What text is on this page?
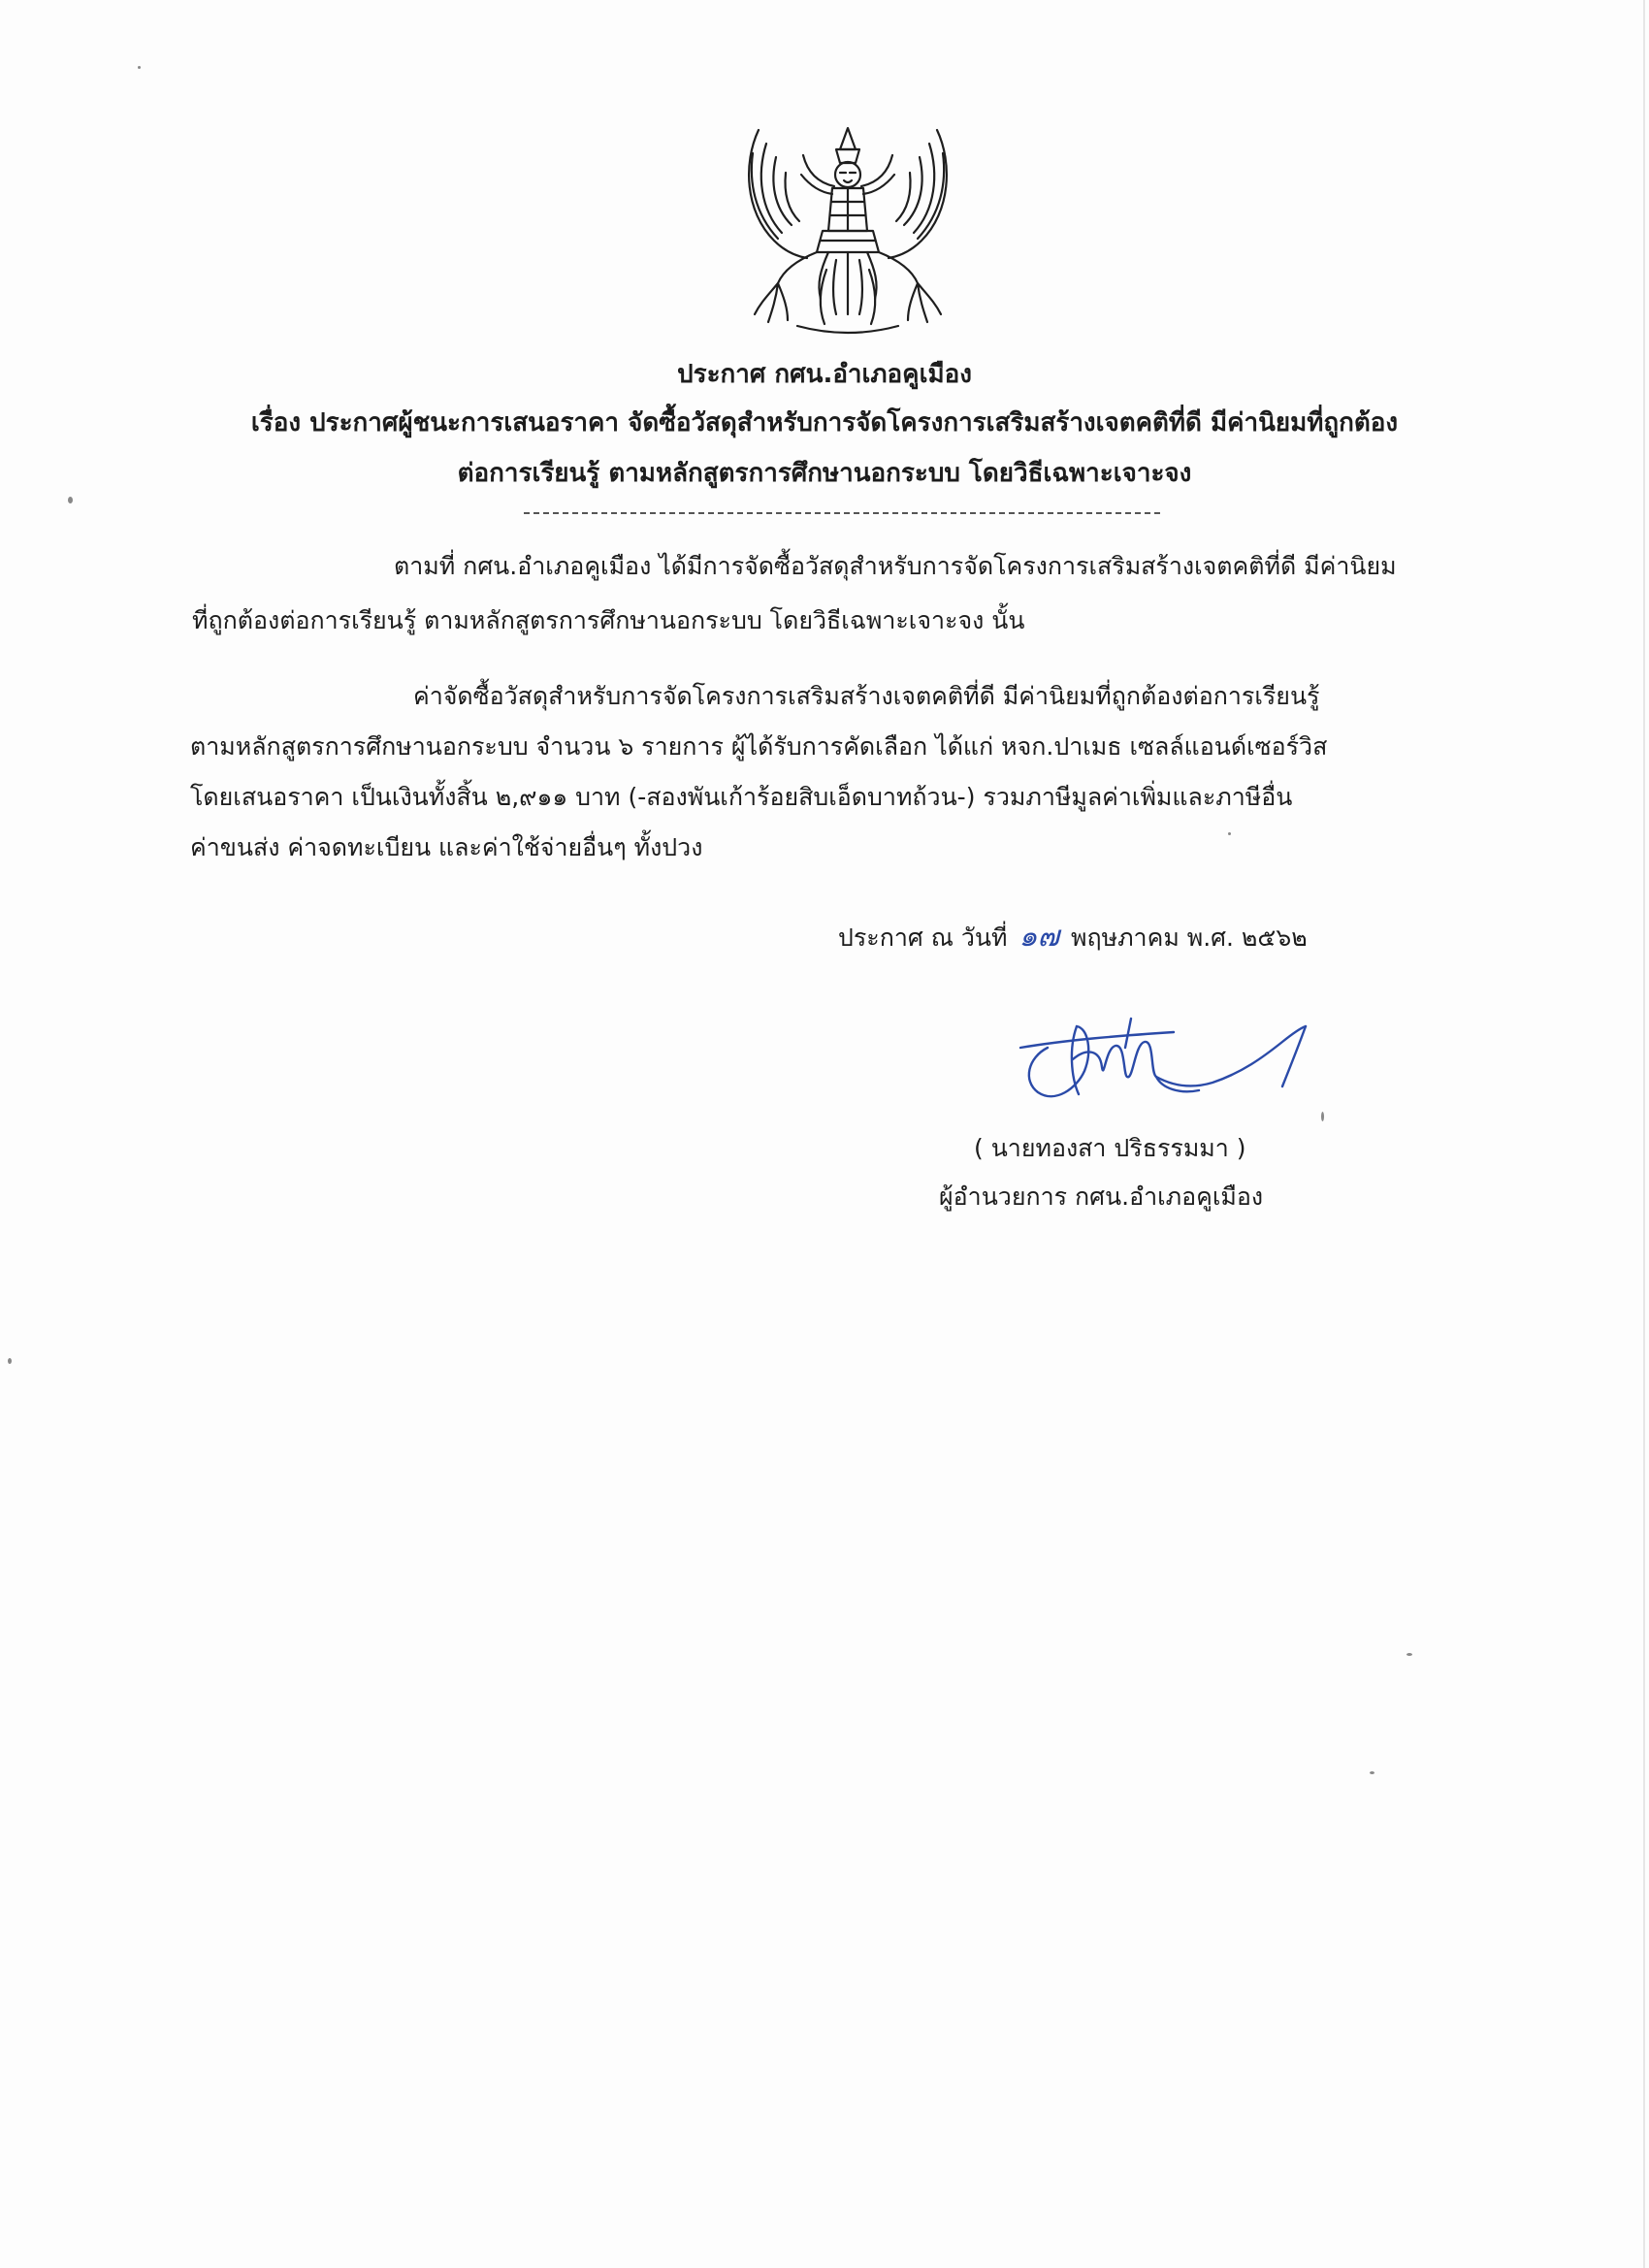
ประกาศ กศน.อำเภอคูเมือง
เรื่อง ประกาศผู้ชนะการเสนอราคา จัดซื้อวัสดุสำหรับการจัดโครงการเสริมสร้างเจตคติที่ดี มีค่านิยมที่ถูกต้อง
ต่อการเรียนรู้ ตามหลักสูตรการศึกษานอกระบบ โดยวิธีเฉพาะเจาะจง
ตามที่ กศน.อำเภอคูเมือง ได้มีการจัดซื้อวัสดุสำหรับการจัดโครงการเสริมสร้างเจตคติที่ดี มีค่านิยม
ที่ถูกต้องต่อการเรียนรู้ ตามหลักสูตรการศึกษานอกระบบ โดยวิธีเฉพาะเจาะจง นั้น
ค่าจัดซื้อวัสดุสำหรับการจัดโครงการเสริมสร้างเจตคติที่ดี มีค่านิยมที่ถูกต้องต่อการเรียนรู้
ตามหลักสูตรการศึกษานอกระบบ จำนวน ๖ รายการ ผู้ได้รับการคัดเลือก ได้แก่ หจก.ปาเมธ เซลล์แอนด์เซอร์วิส
โดยเสนอราคา เป็นเงินทั้งสิ้น ๒,๙๑๑ บาท (-สองพันเก้าร้อยสิบเอ็ดบาทถ้วน-) รวมภาษีมูลค่าเพิ่มและภาษีอื่น
ค่าขนส่ง ค่าจดทะเบียน และค่าใช้จ่ายอื่นๆ ทั้งปวง
ประกาศ ณ วันที่ ๑๗ พฤษภาคม พ.ศ. ๒๕๖๒
( นายทองสา ปริธรรมมา )
ผู้อำนวยการ กศน.อำเภอคูเมือง
